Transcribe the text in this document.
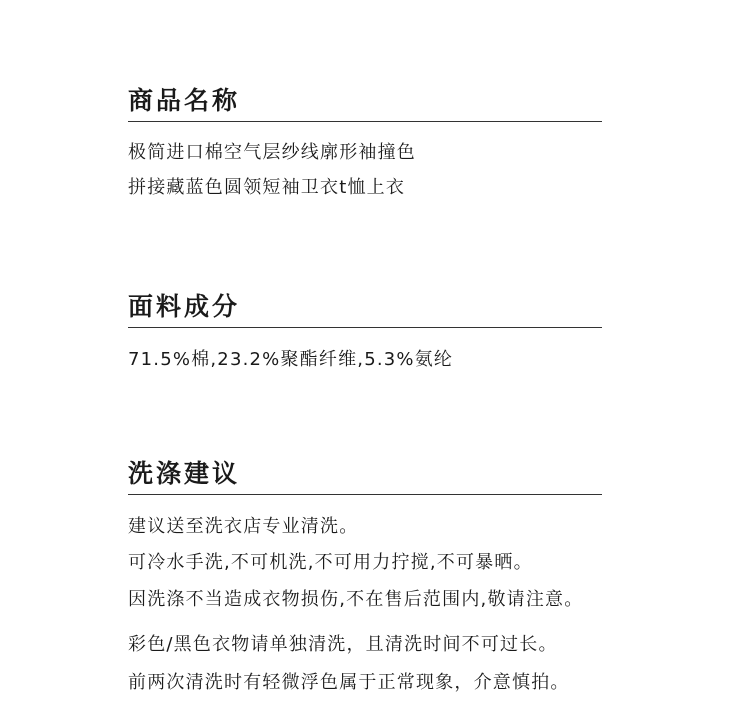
商品名称
极简进口棉空气层纱线廓形袖撞色
拼接藏蓝色圆领短袖卫衣t恤上衣
面料成分
71.5%棉,23.2%聚酯纤维,5.3%氨纶
洗涤建议
建议送至洗衣店专业清洗。
可冷水手洗,不可机洗,不可用力拧搅,不可暴晒。
因洗涤不当造成衣物损伤,不在售后范围内,敬请注意。
彩色/黑色衣物请单独清洗，且清洗时间不可过长。
前两次清洗时有轻微浮色属于正常现象，介意慎拍。
